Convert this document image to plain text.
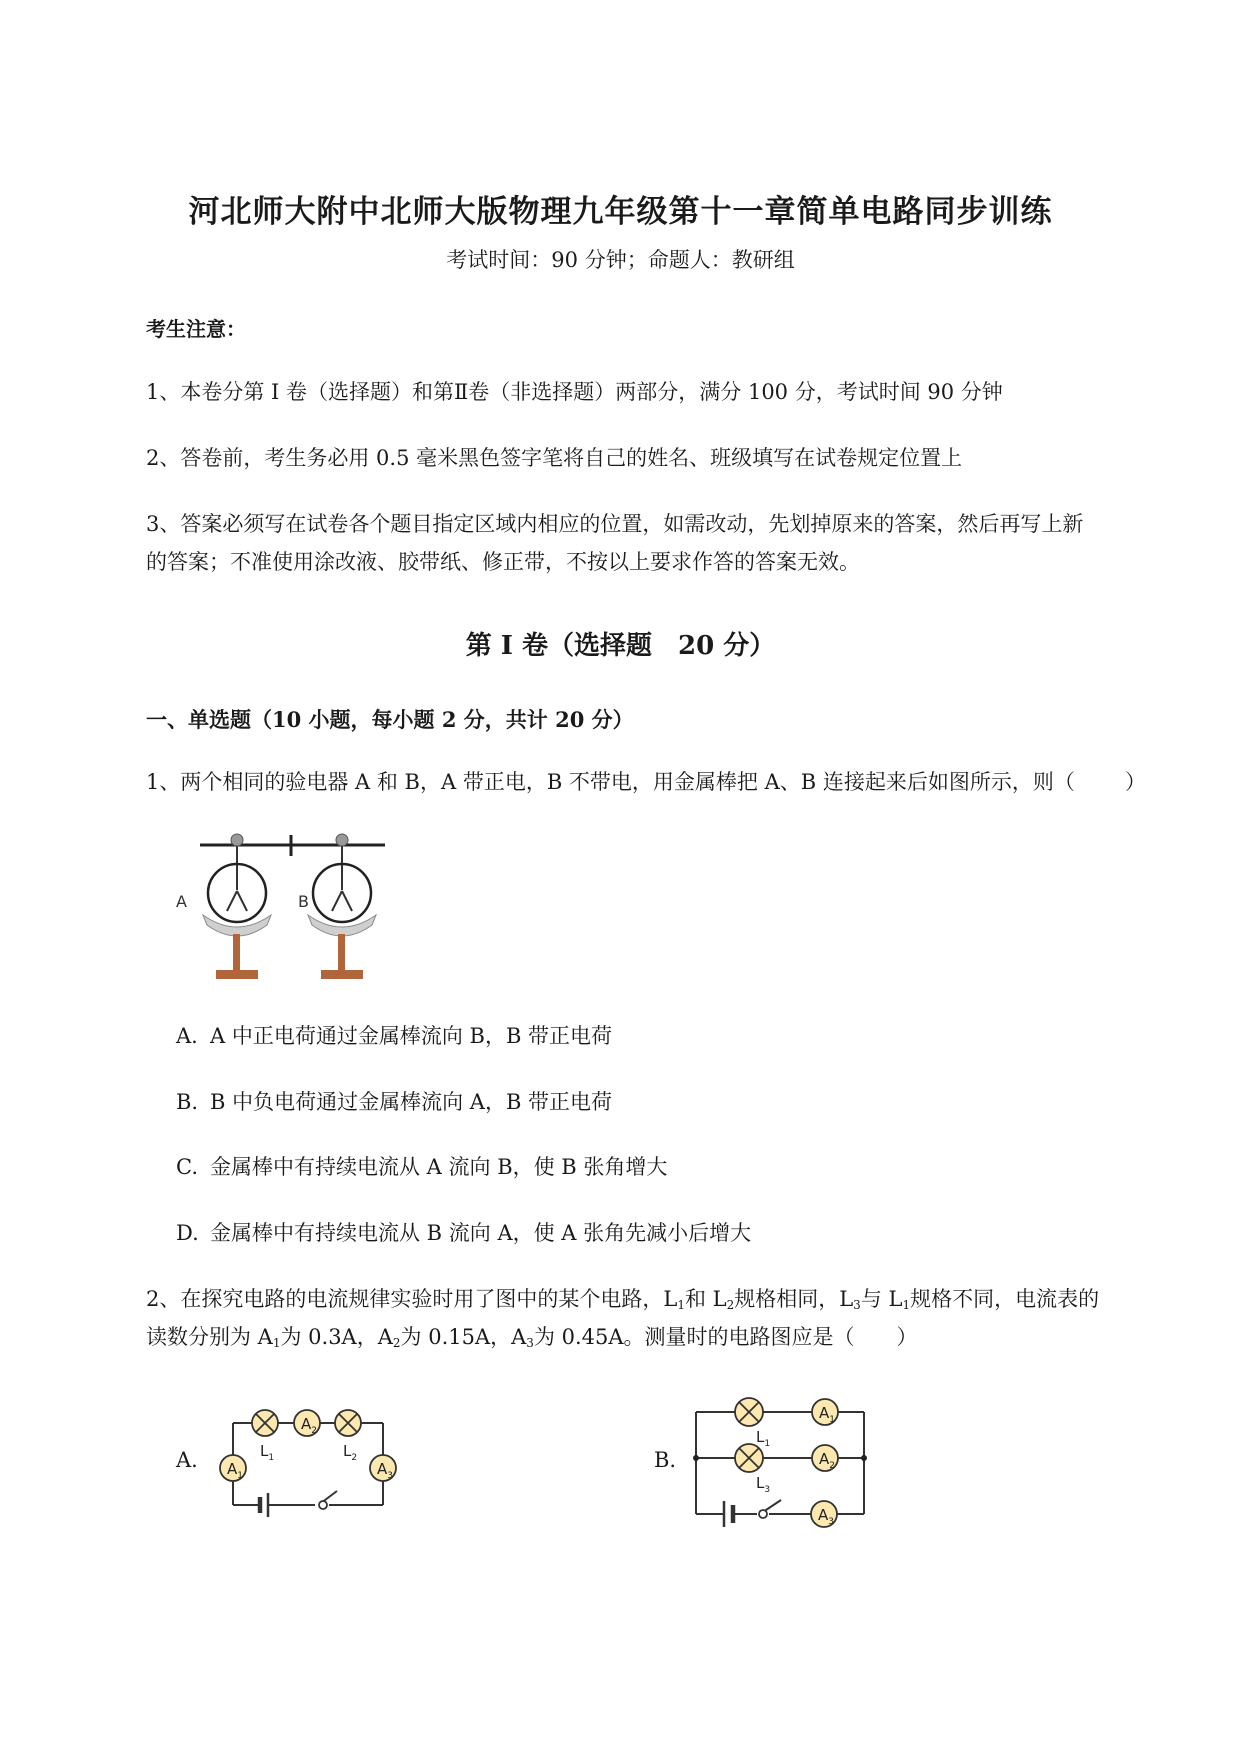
河北师大附中北师大版物理九年级第十一章简单电路同步训练
考试时间：90 分钟；命题人：教研组
考生注意：
1、本卷分第 I 卷（选择题）和第Ⅱ卷（非选择题）两部分，满分 100 分，考试时间 90 分钟
2、答卷前，考生务必用 0.5 毫米黑色签字笔将自己的姓名、班级填写在试卷规定位置上
3、答案必须写在试卷各个题目指定区域内相应的位置，如需改动，先划掉原来的答案，然后再写上新
的答案；不准使用涂改液、胶带纸、修正带，不按以上要求作答的答案无效。
第 I 卷（选择题　20 分）
一、单选题（10 小题，每小题 2 分，共计 20 分）
1、两个相同的验电器 A 和 B，A 带正电，B 不带电，用金属棒把 A、B 连接起来后如图所示，则（ ）
A	B
A. A 中正电荷通过金属棒流向 B，B 带正电荷
B. B 中负电荷通过金属棒流向 A，B 带正电荷
C. 金属棒中有持续电流从 A 流向 B，使 B 张角增大
D. 金属棒中有持续电流从 B 流向 A，使 A 张角先减小后增大
2、在探究电路的电流规律实验时用了图中的某个电路，$L_1$和 $L_2$规格相同，$L_3$与 $L_1$规格不同，电流表的
读数分别为 $A_1$为 0.3A，$A_2$为 0.15A，$A_3$为 0.45A。测量时的电路图应是（　　）
A.
$A_2$
$A_1$	$A_3$
$L_1$	$L_2$	B.
$A_1$
$A_2$
$A_3$
$L_1$
$L_3$
